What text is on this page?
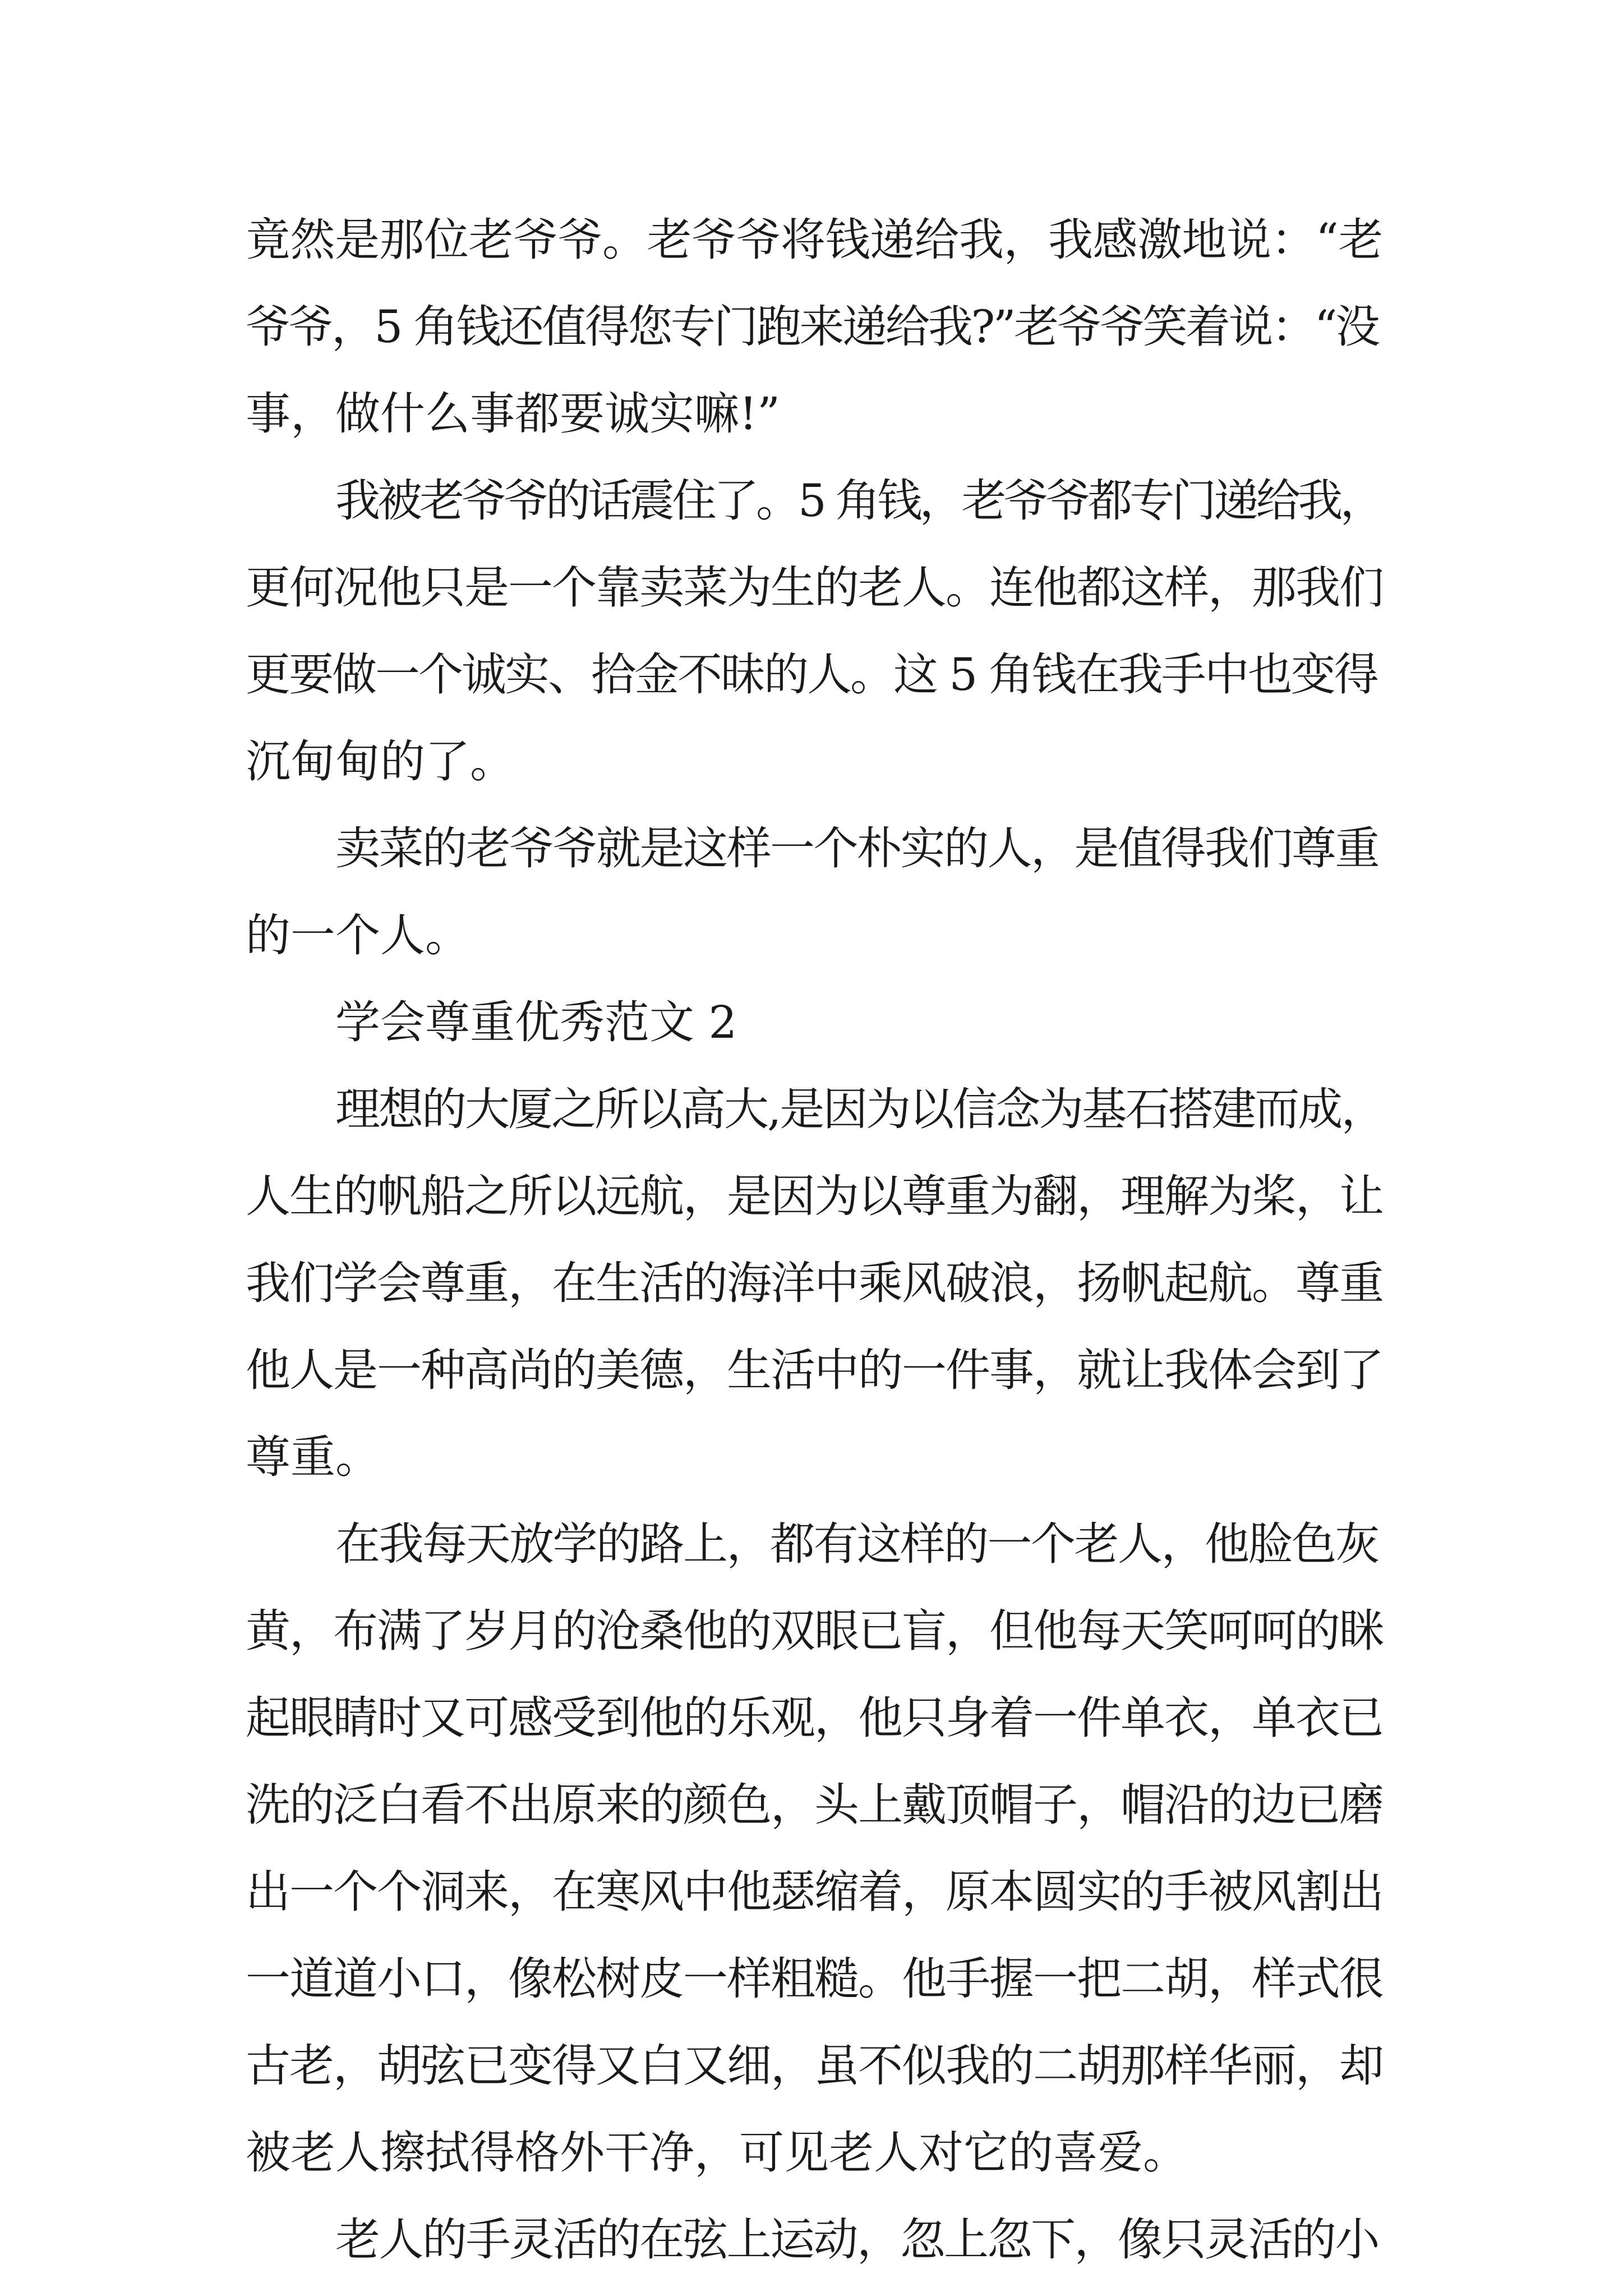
竟然是那位老爷爷。老爷爷将钱递给我，我感激地说：“老
爷爷，5 角钱还值得您专门跑来递给我?”老爷爷笑着说：“没
事，做什么事都要诚实嘛!”
我被老爷爷的话震住了。5 角钱，老爷爷都专门递给我，
更何况他只是一个靠卖菜为生的老人。连他都这样，那我们
更要做一个诚实、拾金不昧的人。这 5 角钱在我手中也变得
沉甸甸的了。
卖菜的老爷爷就是这样一个朴实的人，是值得我们尊重
的一个人。
学会尊重优秀范文 2
理想的大厦之所以高大,是因为以信念为基石搭建而成，
人生的帆船之所以远航，是因为以尊重为翻，理解为桨，让
我们学会尊重，在生活的海洋中乘风破浪，扬帆起航。尊重
他人是一种高尚的美德，生活中的一件事，就让我体会到了
尊重。
在我每天放学的路上，都有这样的一个老人，他脸色灰
黄，布满了岁月的沧桑他的双眼已盲，但他每天笑呵呵的眯
起眼睛时又可感受到他的乐观，他只身着一件单衣，单衣已
洗的泛白看不出原来的颜色，头上戴顶帽子，帽沿的边已磨
出一个个洞来，在寒风中他瑟缩着，原本圆实的手被风割出
一道道小口，像松树皮一样粗糙。他手握一把二胡，样式很
古老，胡弦已变得又白又细，虽不似我的二胡那样华丽，却
被老人擦拭得格外干净，可见老人对它的喜爱。
老人的手灵活的在弦上运动，忽上忽下，像只灵活的小
